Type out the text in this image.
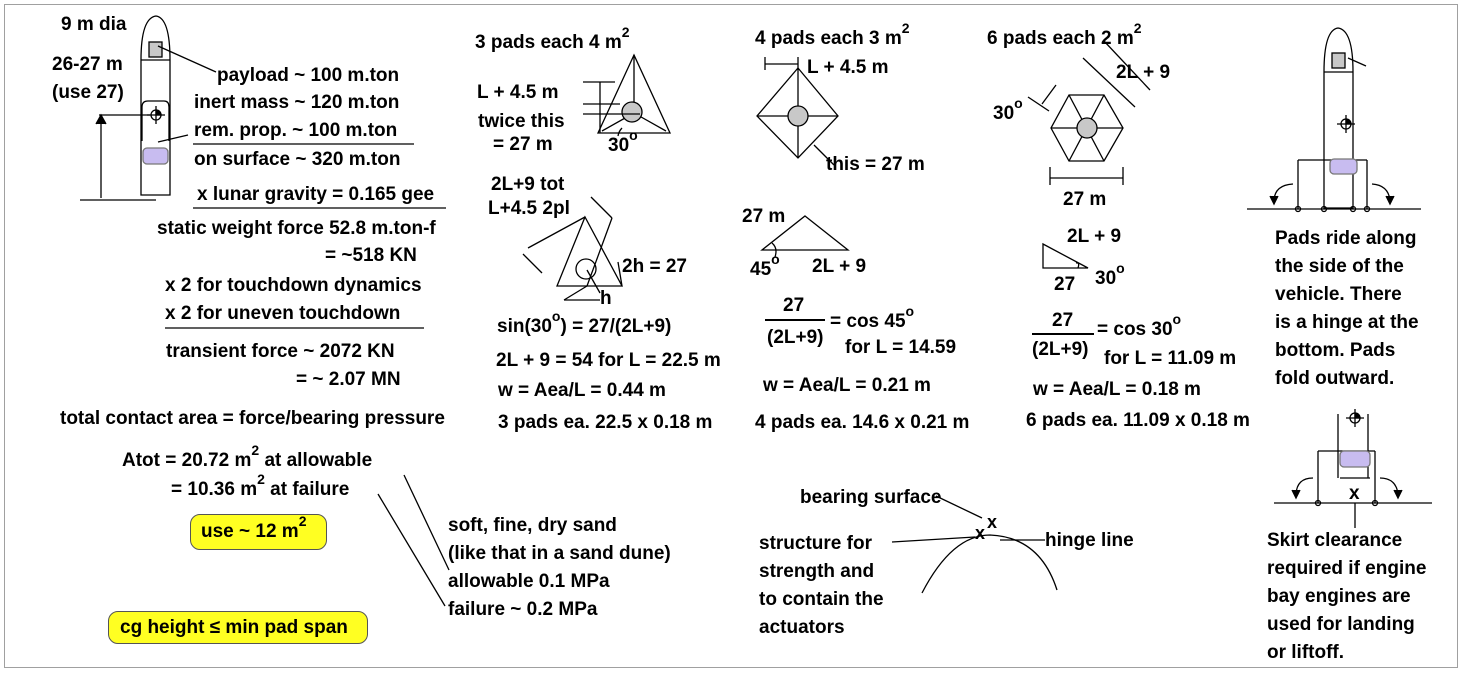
9 m dia
26-27 m
(use 27)
payload ~ 100 m.ton
inert mass ~ 120 m.ton
rem. prop. ~ 100 m.ton
on surface ~ 320 m.ton
x lunar gravity = 0.165 gee
static weight force 52.8 m.ton-f
= ~518 KN
x 2 for touchdown dynamics
x 2 for uneven touchdown
transient force ~ 2072 KN
= ~ 2.07 MN
total contact area = force/bearing pressure
Atot = 20.72 $m^2$ at allowable
= 10.36 $m^2$ at failure
use ~ 12 $m^2$
cg height ≤ min pad span
soft, fine, dry sand
(like that in a sand dune)
allowable 0.1 MPa
failure ~ 0.2 MPa
3 pads each 4 $m^2$
L + 4.5 m
twice this
= 27 m	30$^o$
2L+9 tot
L+4.5 2pl
2h = 27
h
$\sin(30^o) = 27/(2L+9)$
2L + 9 = 54 for L = 22.5 m
w = Aea/L = 0.44 m
3 pads ea. 22.5 x 0.18 m
4 pads each 3 $m^2$
L + 4.5 m
this = 27 m
27 m
45$^o$ 2L + 9
27
(2L+9)
= cos 45$^o$
for L = 14.59
w = Aea/L = 0.21 m
4 pads ea. 14.6 x 0.21 m
6 pads each 2 $m^2$
2L + 9
30$^o$
27 m
2L + 9
27 30$^o$
27
(2L+9)
= cos 30$^o$
for L = 11.09 m
w = Aea/L = 0.18 m
6 pads ea. 11.09 x 0.18 m
bearing surface
hinge line
x
x
structure for
strength and
to contain the
actuators
Pads ride along
the side of the
vehicle. There
is a hinge at the
bottom. Pads
fold outward.
x
Skirt clearance
required if engine
bay engines are
used for landing
or liftoff.
